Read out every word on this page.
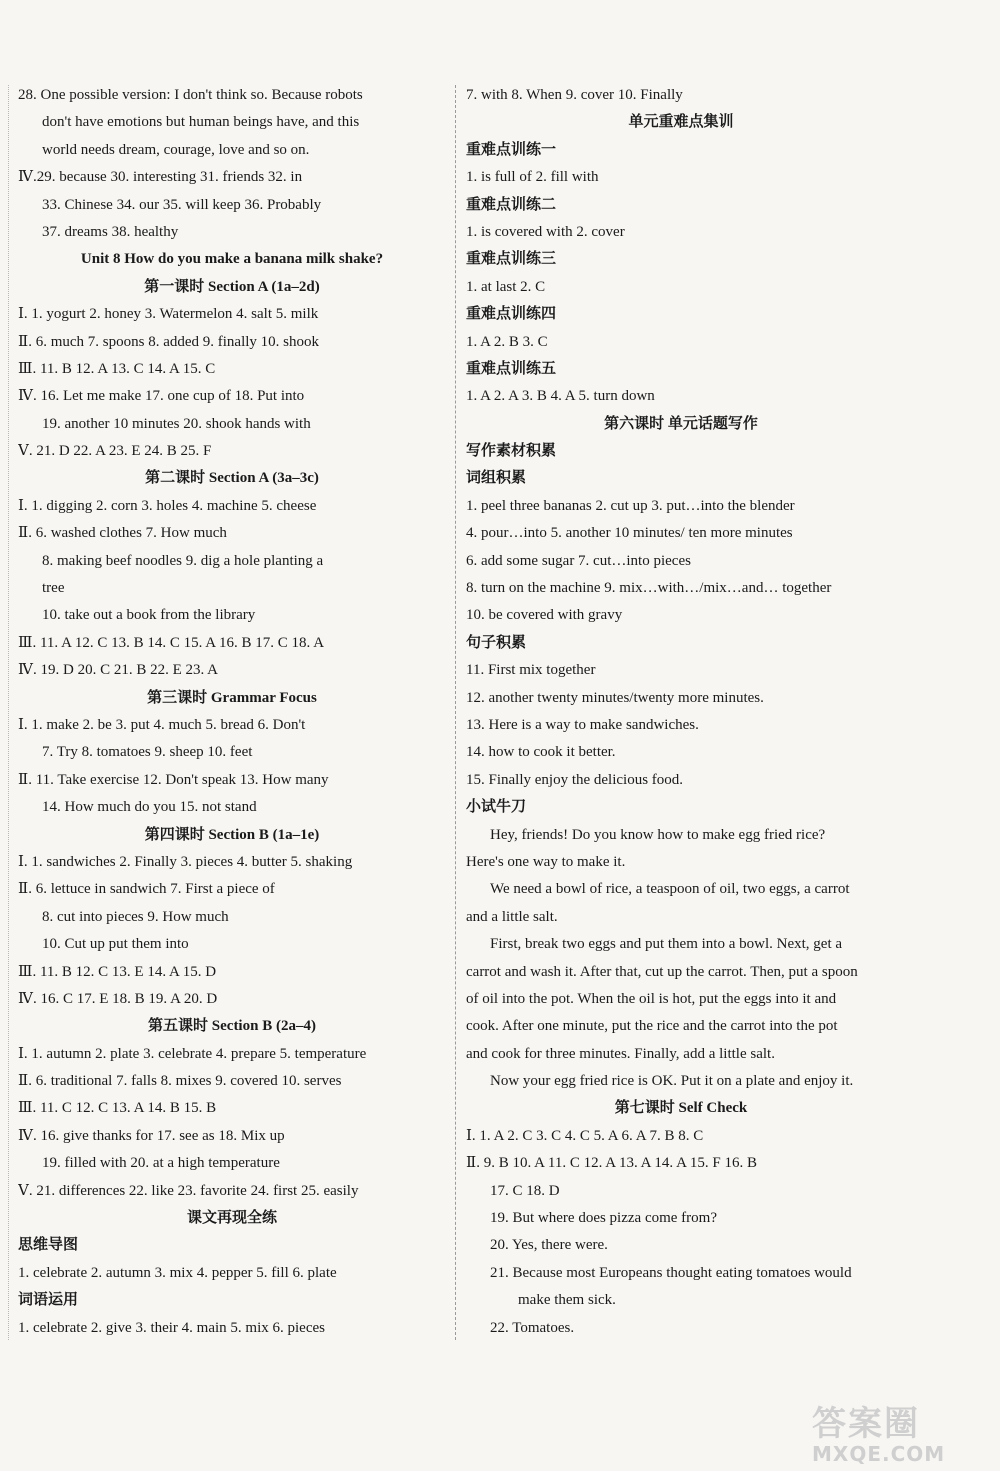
28. One possible version: I don't think so. Because robots
don't have emotions but human beings have, and this
world needs dream, courage, love and so on.
Ⅳ.29. because 30. interesting 31. friends 32. in
33. Chinese 34. our 35. will keep 36. Probably
37. dreams 38. healthy
Unit 8 How do you make a banana milk shake?
第一课时 Section A (1a–2d)
Ⅰ. 1. yogurt 2. honey 3. Watermelon 4. salt 5. milk
Ⅱ. 6. much 7. spoons 8. added 9. finally 10. shook
Ⅲ. 11. B 12. A 13. C 14. A 15. C
Ⅳ. 16. Let me make 17. one cup of 18. Put into
19. another 10 minutes 20. shook hands with
Ⅴ. 21. D 22. A 23. E 24. B 25. F
第二课时 Section A (3a–3c)
Ⅰ. 1. digging 2. corn 3. holes 4. machine 5. cheese
Ⅱ. 6. washed clothes 7. How much
8. making beef noodles 9. dig a hole planting a
tree
10. take out a book from the library
Ⅲ. 11. A 12. C 13. B 14. C 15. A 16. B 17. C 18. A
Ⅳ. 19. D 20. C 21. B 22. E 23. A
第三课时 Grammar Focus
Ⅰ. 1. make 2. be 3. put 4. much 5. bread 6. Don't
7. Try 8. tomatoes 9. sheep 10. feet
Ⅱ. 11. Take exercise 12. Don't speak 13. How many
14. How much do you 15. not stand
第四课时 Section B (1a–1e)
Ⅰ. 1. sandwiches 2. Finally 3. pieces 4. butter 5. shaking
Ⅱ. 6. lettuce in sandwich 7. First a piece of
8. cut into pieces 9. How much
10. Cut up put them into
Ⅲ. 11. B 12. C 13. E 14. A 15. D
Ⅳ. 16. C 17. E 18. B 19. A 20. D
第五课时 Section B (2a–4)
Ⅰ. 1. autumn 2. plate 3. celebrate 4. prepare 5. temperature
Ⅱ. 6. traditional 7. falls 8. mixes 9. covered 10. serves
Ⅲ. 11. C 12. C 13. A 14. B 15. B
Ⅳ. 16. give thanks for 17. see as 18. Mix up
19. filled with 20. at a high temperature
Ⅴ. 21. differences 22. like 23. favorite 24. first 25. easily
课文再现全练
思维导图
1. celebrate 2. autumn 3. mix 4. pepper 5. fill 6. plate
词语运用
1. celebrate 2. give 3. their 4. main 5. mix 6. pieces
7. with 8. When 9. cover 10. Finally
单元重难点集训
重难点训练一
1. is full of 2. fill with
重难点训练二
1. is covered with 2. cover
重难点训练三
1. at last 2. C
重难点训练四
1. A 2. B 3. C
重难点训练五
1. A 2. A 3. B 4. A 5. turn down
第六课时 单元话题写作
写作素材积累
词组积累
1. peel three bananas 2. cut up 3. put…into the blender
4. pour…into 5. another 10 minutes/ ten more minutes
6. add some sugar 7. cut…into pieces
8. turn on the machine 9. mix…with…/mix…and… together
10. be covered with gravy
句子积累
11. First mix together
12. another twenty minutes/twenty more minutes.
13. Here is a way to make sandwiches.
14. how to cook it better.
15. Finally enjoy the delicious food.
小试牛刀
Hey, friends! Do you know how to make egg fried rice?
Here's one way to make it.
We need a bowl of rice, a teaspoon of oil, two eggs, a carrot
and a little salt.
First, break two eggs and put them into a bowl. Next, get a
carrot and wash it. After that, cut up the carrot. Then, put a spoon
of oil into the pot. When the oil is hot, put the eggs into it and
cook. After one minute, put the rice and the carrot into the pot
and cook for three minutes. Finally, add a little salt.
Now your egg fried rice is OK. Put it on a plate and enjoy it.
第七课时 Self Check
Ⅰ. 1. A 2. C 3. C 4. C 5. A 6. A 7. B 8. C
Ⅱ. 9. B 10. A 11. C 12. A 13. A 14. A 15. F 16. B
17. C 18. D
19. But where does pizza come from?
20. Yes, there were.
21. Because most Europeans thought eating tomatoes would
make them sick.
22. Tomatoes.
答案圈
MXQE.COM
